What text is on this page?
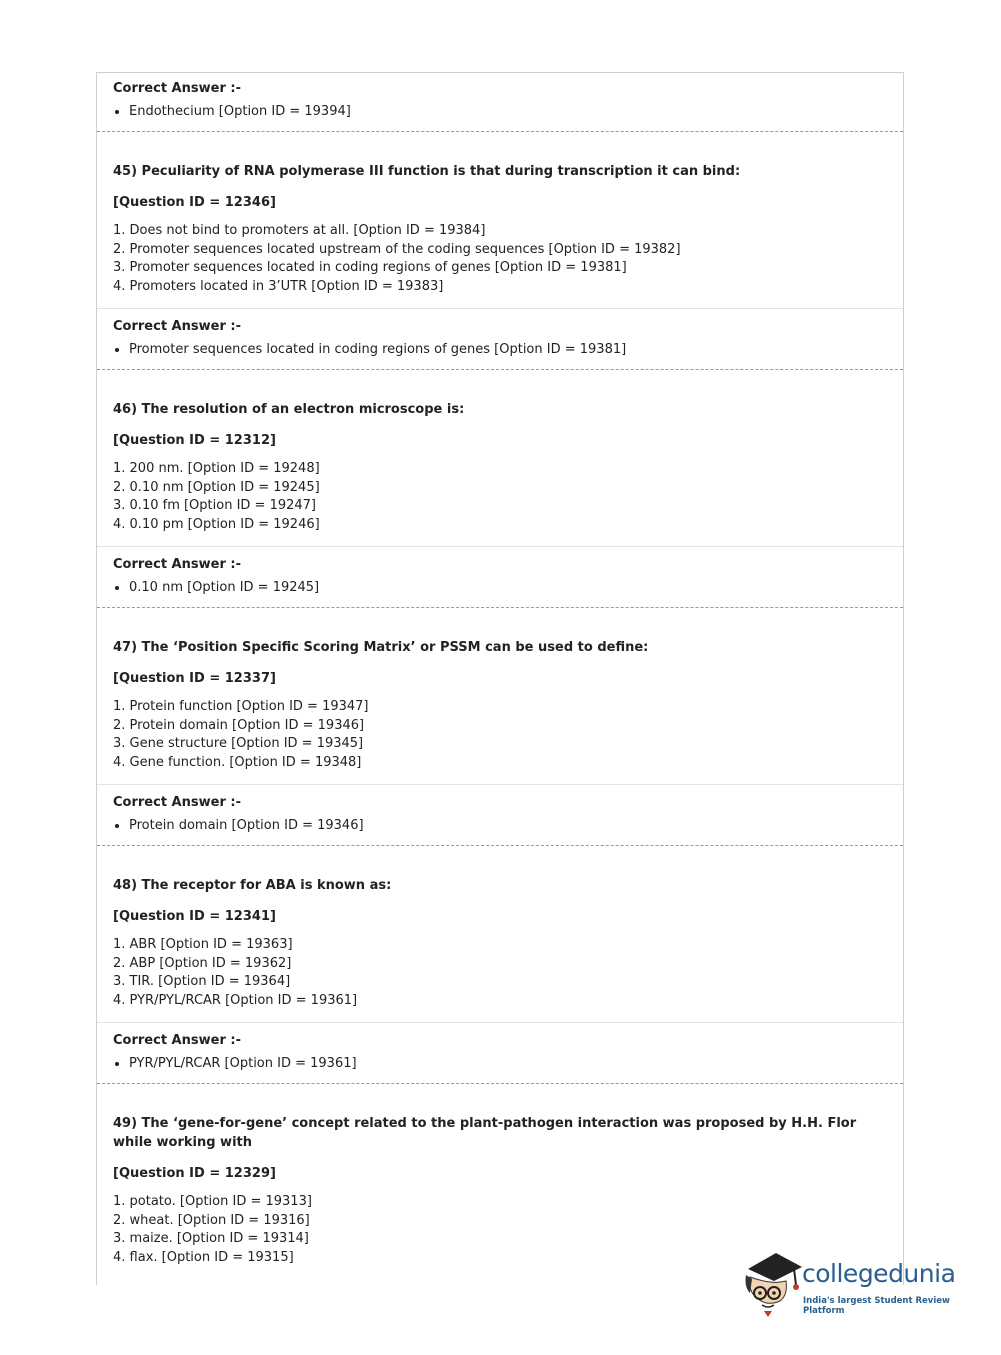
Correct Answer :-

• Endothecium [Option ID = 19394]

45) Peculiarity of RNA polymerase III function is that during transcription it can bind:

[Question ID = 12346]

1. Does not bind to promoters at all. [Option ID = 19384]
2. Promoter sequences located upstream of the coding sequences [Option ID = 19382]
3. Promoter sequences located in coding regions of genes [Option ID = 19381]
4. Promoters located in 3’UTR [Option ID = 19383]

Correct Answer :-

• Promoter sequences located in coding regions of genes [Option ID = 19381]

46) The resolution of an electron microscope is:

[Question ID = 12312]

1. 200 nm. [Option ID = 19248]
2. 0.10 nm [Option ID = 19245]
3. 0.10 fm [Option ID = 19247]
4. 0.10 pm [Option ID = 19246]

Correct Answer :-

• 0.10 nm [Option ID = 19245]

47) The ‘Position Specific Scoring Matrix’ or PSSM can be used to define:

[Question ID = 12337]

1. Protein function [Option ID = 19347]
2. Protein domain [Option ID = 19346]
3. Gene structure [Option ID = 19345]
4. Gene function. [Option ID = 19348]

Correct Answer :-

• Protein domain [Option ID = 19346]

48) The receptor for ABA is known as:

[Question ID = 12341]

1. ABR [Option ID = 19363]
2. ABP [Option ID = 19362]
3. TIR. [Option ID = 19364]
4. PYR/PYL/RCAR [Option ID = 19361]

Correct Answer :-

• PYR/PYL/RCAR [Option ID = 19361]

49) The ‘gene-for-gene’ concept related to the plant-pathogen interaction was proposed by H.H. Flor while working with

[Question ID = 12329]

1. potato. [Option ID = 19313]
2. wheat. [Option ID = 19316]
3. maize. [Option ID = 19314]
4. flax. [Option ID = 19315]
collegedunia
India's largest Student Review Platform
